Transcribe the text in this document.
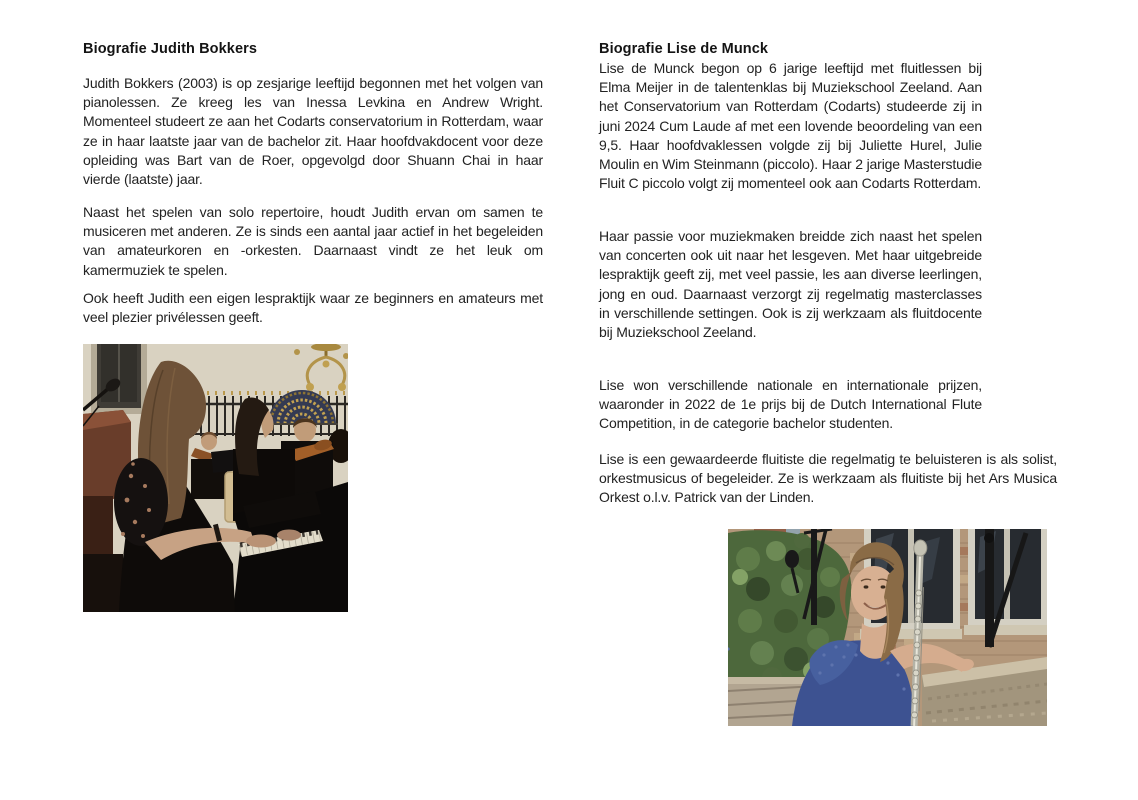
Biografie Judith Bokkers

Judith Bokkers (2003) is op zesjarige leeftijd begonnen met het volgen van pianolessen. Ze kreeg les van Inessa Levkina en Andrew Wright. Momenteel studeert ze aan het Codarts conservatorium in Rotterdam, waar ze in haar laatste jaar van de bachelor zit. Haar hoofdvakdocent voor deze opleiding was Bart van de Roer, opgevolgd door Shuann Chai in haar vierde (laatste) jaar.

Naast het spelen van solo repertoire, houdt Judith ervan om samen te musiceren met anderen. Ze is sinds een aantal jaar actief in het begeleiden van amateurkoren en -orkesten. Daarnaast vindt ze het leuk om kamermuziek te spelen.

Ook heeft Judith een eigen lespraktijk waar ze beginners en amateurs met veel plezier privélessen geeft.

Biografie Lise de Munck

Lise de Munck begon op 6 jarige leeftijd met fluitlessen bij Elma Meijer in de talentenklas bij Muziekschool Zeeland. Aan het Conservatorium van Rotterdam (Codarts) studeerde zij in juni 2024 Cum Laude af met een lovende beoordeling van een 9,5. Haar hoofdvaklessen volgde zij bij Juliette Hurel, Julie Moulin en Wim Steinmann (piccolo). Haar 2 jarige Masterstudie Fluit C piccolo volgt zij momenteel ook aan Codarts Rotterdam.

Haar passie voor muziekmaken breidde zich naast het spelen van concerten ook uit naar het lesgeven. Met haar uitgebreide lespraktijk geeft zij, met veel passie, les aan diverse leerlingen, jong en oud. Daarnaast verzorgt zij regelmatig masterclasses in verschillende settingen. Ook is zij werkzaam als fluitdocente bij Muziekschool Zeeland.

Lise won verschillende nationale en internationale prijzen, waaronder in 2022 de 1e prijs bij de Dutch International Flute Competition, in de categorie bachelor studenten.

Lise is een gewaardeerde fluitiste die regelmatig te beluisteren is als solist, orkestmusicus of begeleider. Ze is werkzaam als fluitiste bij het Ars Musica Orkest o.l.v. Patrick van der Linden.
